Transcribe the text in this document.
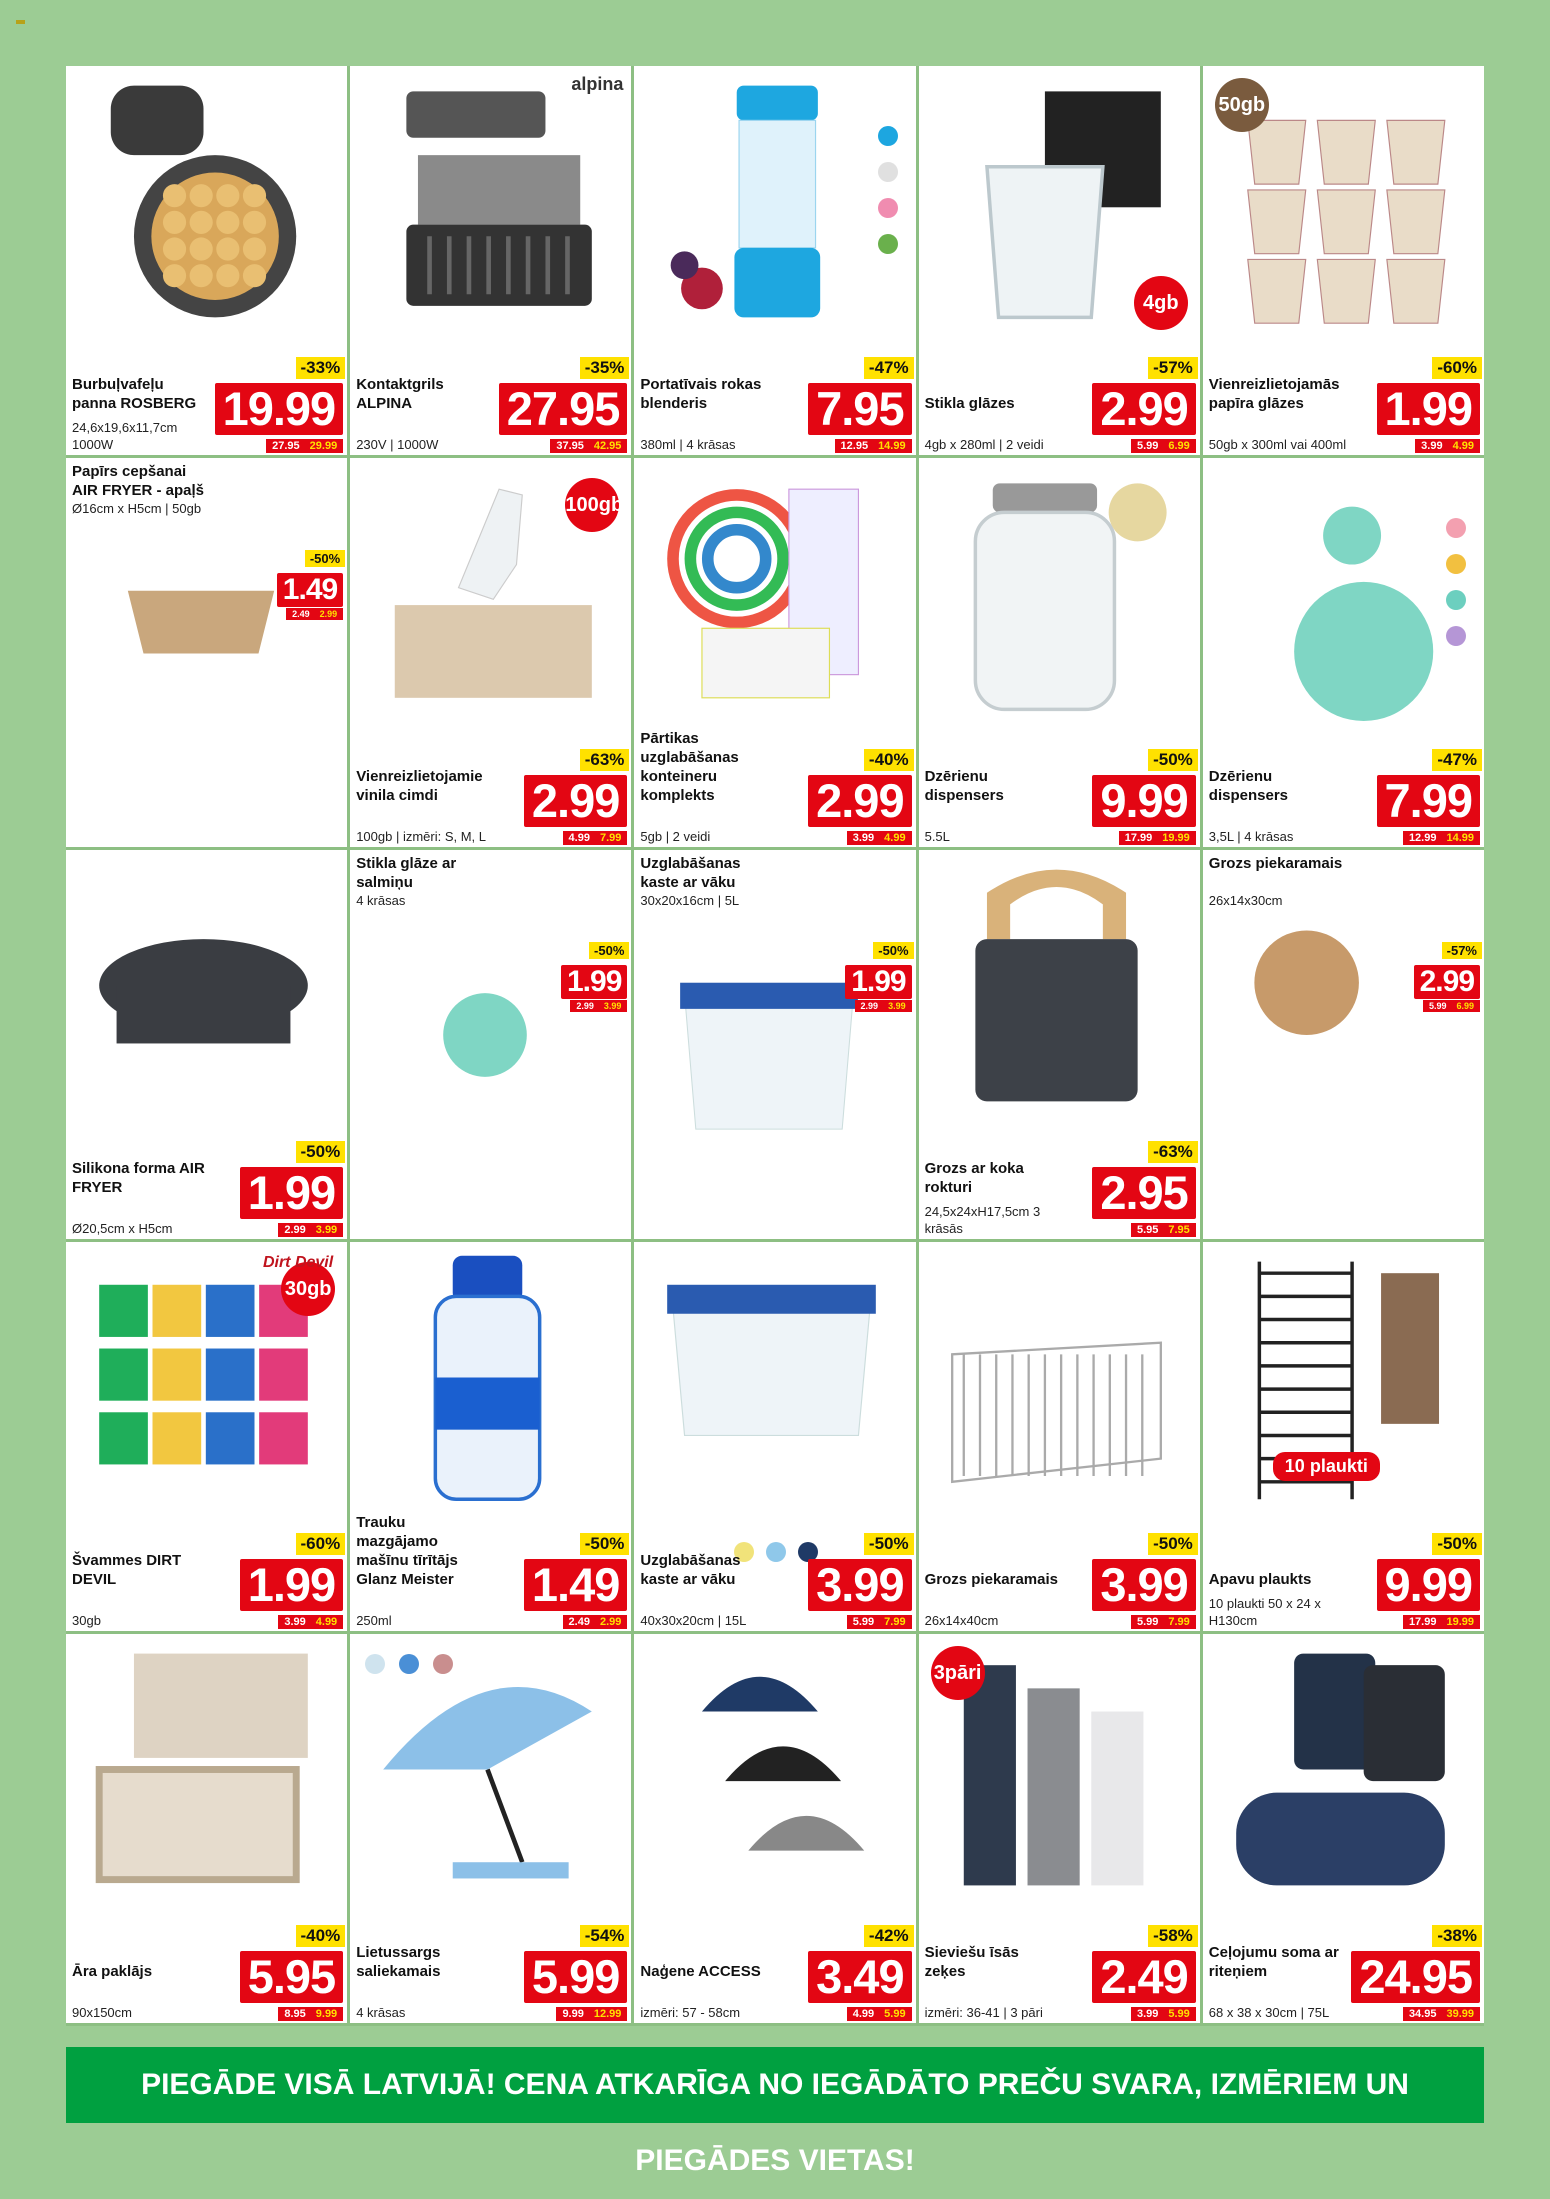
Burbuļvafeļu panna ROSBERG
24,6x19,6x11,7cm 1000W
19.99
-33%
27.95 29.99
alpina
Kontaktgrils ALPINA
230V | 1000W
27.95
-35%
37.95 42.95
Portatīvais rokas blenderis
380ml | 4 krāsas
7.95
-47%
12.95 14.99
4gb
Stikla glāzes
4gb x 280ml | 2 veidi
2.99
-57%
5.99 6.99
50gb
Vienreizlietojamās papīra glāzes
50gb x 300ml vai 400ml
1.99
-60%
3.99 4.99
Papīrs cepšanai AIR FRYER - apaļš
Ø16cm x H5cm | 50gb
1.49
-50%
2.49 2.99
100gb
Vienreizlietojamie vinila cimdi
100gb | izmēri: S, M, L
2.99
-63%
4.99 7.99
Pārtikas uzglabāšanas konteineru komplekts
5gb | 2 veidi
2.99
-40%
3.99 4.99
Dzērienu dispensers
5.5L
9.99
-50%
17.99 19.99
Dzērienu dispensers
3,5L | 4 krāsas
7.99
-47%
12.99 14.99
Silikona forma AIR FRYER
Ø20,5cm x H5cm
1.99
-50%
2.99 3.99
Stikla glāze ar salmiņu
4 krāsas
1.99
-50%
2.99 3.99
Uzglabāšanas kaste ar vāku
30x20x16cm | 5L
1.99
-50%
2.99 3.99
Grozs ar koka rokturi
24,5x24xH17,5cm 3 krāsās
2.95
-63%
5.95 7.95
Grozs piekaramais
26x14x30cm
2.99
-57%
5.99 6.99
30gb
Dirt Devil
Švammes DIRT DEVIL
30gb
1.99
-60%
3.99 4.99
Trauku mazgājamo mašīnu tīrītājs Glanz Meister
250ml
1.49
-50%
2.49 2.99
Uzglabāšanas kaste ar vāku
40x30x20cm | 15L
3.99
-50%
5.99 7.99
Grozs piekaramais
26x14x40cm
3.99
-50%
5.99 7.99
10 plaukti
Apavu plaukts
10 plaukti 50 x 24 x H130cm
9.99
-50%
17.99 19.99
Āra paklājs
90x150cm
5.95
-40%
8.95 9.99
Lietussargs saliekamais
4 krāsas
5.99
-54%
9.99 12.99
Naģene ACCESS
izmēri: 57 - 58cm
3.49
-42%
4.99 5.99
3pāri
Sieviešu īsās zeķes
izmēri: 36-41 | 3 pāri
2.49
-58%
3.99 5.99
Ceļojumu soma ar riteņiem
68 x 38 x 30cm | 75L
24.95
-38%
34.95 39.99
PIEGĀDE VISĀ LATVIJĀ! CENA ATKARĪGA NO IEGĀDĀTO PREČU SVARA, IZMĒRIEM UN PIEGĀDES VIETAS!
